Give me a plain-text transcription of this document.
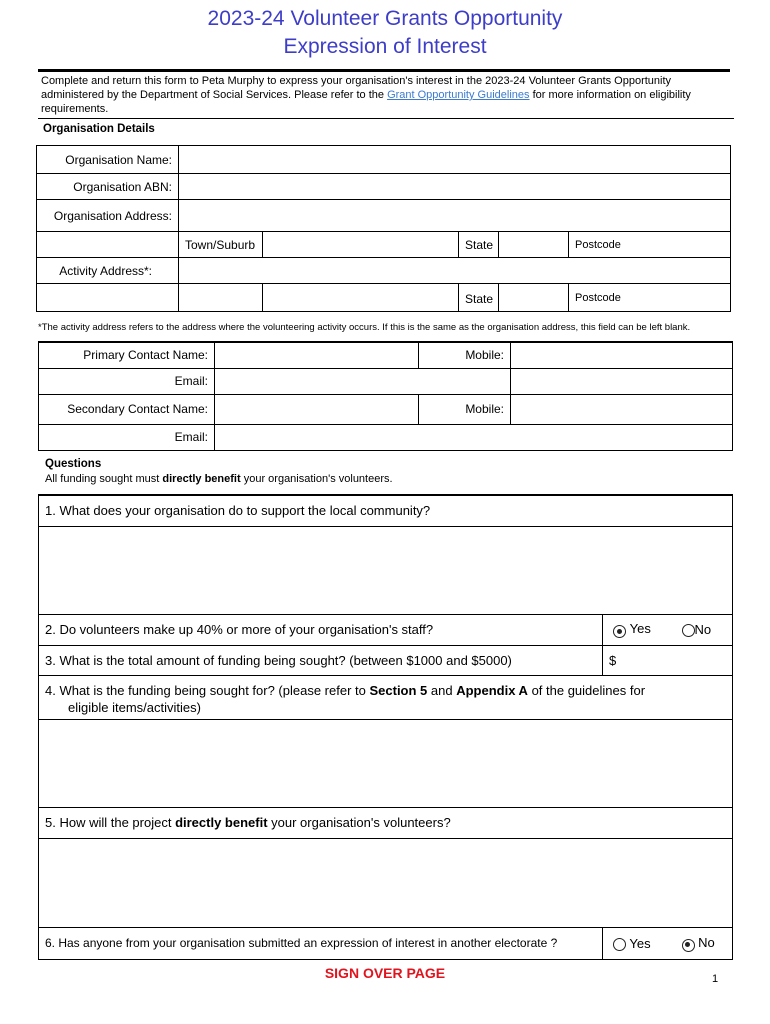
2023-24 Volunteer Grants Opportunity
Expression of Interest
Complete and return this form to Peta Murphy to express your organisation's interest in the 2023-24 Volunteer Grants Opportunity administered by the Department of Social Services. Please refer to the Grant Opportunity Guidelines for more information on eligibility requirements.
Organisation Details
Organisation Name:					
Organisation ABN:					
Organisation Address:					
	Town/Suburb		State		Postcode
Activity Address*:					
			State		Postcode
*The activity address refers to the address where the volunteering activity occurs. If this is the same as the organisation address, this field can be left blank.
Primary Contact Name:		Mobile:	
Email:			
Secondary Contact Name:		Mobile:	
Email:			
Questions
All funding sought must directly benefit your organisation's volunteers.
1. What does your organisation do to support the local community?		

2. Do volunteers make up 40% or more of your organisation's staff?	Yes	No
3. What is the total amount of funding being sought? (between $1000 and $5000)	$	
4. What is the funding being sought for? (please refer to Section 5 and Appendix A of the guidelines for
eligible items/activities)		

5. How will the project directly benefit your organisation's volunteers?		

6. Has anyone from your organisation submitted an expression of interest in another electorate ?	Yes	No
SIGN OVER PAGE	1
